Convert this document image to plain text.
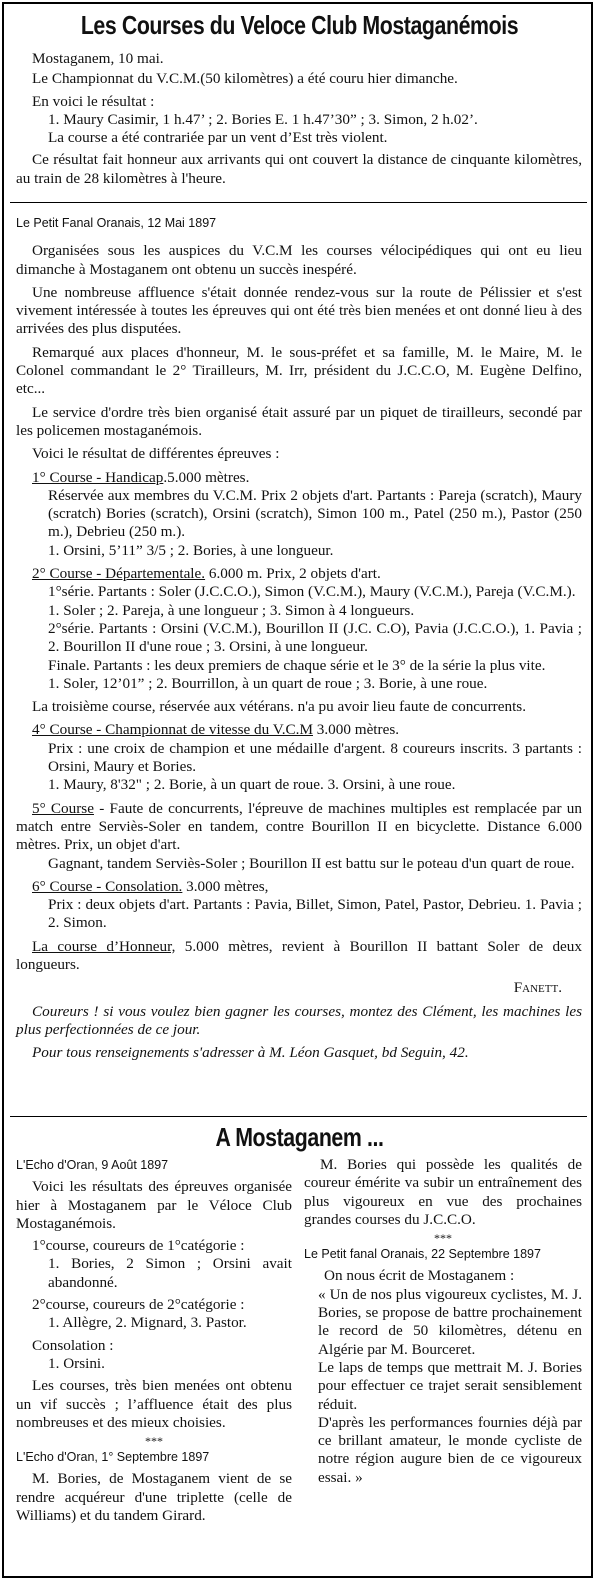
Les Courses du Veloce Club Mostaganémois

Mostaganem, 10 mai.

Le Championnat du V.C.M.(50 kilomètres) a été couru hier dimanche.

En voici le résultat :

1. Maury Casimir, 1 h.47’ ; 2. Bories E. 1 h.47’30” ; 3. Simon, 2 h.02’.

La course a été contrariée par un vent d’Est très violent.

Ce résultat fait honneur aux arrivants qui ont couvert la distance de cinquante kilomètres, au train de 28 kilomètres à l'heure.

Le Petit Fanal Oranais, 12 Mai 1897

Organisées sous les auspices du V.C.M les courses vélocipédiques qui ont eu lieu dimanche à Mostaganem ont obtenu un succès inespéré.

Une nombreuse affluence s'était donnée rendez-vous sur la route de Pélissier et s'est vivement intéressée à toutes les épreuves qui ont été très bien menées et ont donné lieu à des arrivées des plus disputées.

Remarqué aux places d'honneur, M. le sous-préfet et sa famille, M. le Maire, M. le Colonel commandant le 2° Tirailleurs, M. Irr, président du J.C.C.O, M. Eugène Delfino, etc...

Le service d'ordre très bien organisé était assuré par un piquet de tirailleurs, secondé par les policemen mostaganémois.

Voici le résultat de différentes épreuves :

1° Course - Handicap.5.000 mètres.

Réservée aux membres du V.C.M. Prix 2 objets d'art. Partants : Pareja (scratch), Maury (scratch) Bories (scratch), Orsini (scratch), Simon 100 m., Patel (250 m.), Pastor (250 m.), Debrieu (250 m.).

1. Orsini, 5’11” 3/5 ; 2. Bories, à une longueur.

2° Course - Départementale. 6.000 m. Prix, 2 objets d'art.

1°série. Partants : Soler (J.C.C.O.), Simon (V.C.M.), Maury (V.C.M.), Pareja (V.C.M.).

1. Soler ; 2. Pareja, à une longueur ; 3. Simon à 4 longueurs.

2°série. Partants : Orsini (V.C.M.), Bourillon II (J.C. C.O), Pavia (J.C.C.O.), 1. Pavia ; 2. Bourillon II d'une roue ; 3. Orsini, à une longueur.

Finale. Partants : les deux premiers de chaque série et le 3° de la série la plus vite.

1. Soler, 12’01” ; 2. Bourrillon, à un quart de roue ; 3. Borie, à une roue.

La troisième course, réservée aux vétérans. n'a pu avoir lieu faute de concurrents.

4° Course - Championnat de vitesse du V.C.M 3.000 mètres.

Prix : une croix de champion et une médaille d'argent. 8 coureurs inscrits. 3 partants : Orsini, Maury et Bories.

1. Maury, 8'32" ; 2. Borie, à un quart de roue. 3. Orsini, à une roue.

5° Course - Faute de concurrents, l'épreuve de machines multiples est remplacée par un match entre Serviès-Soler en tandem, contre Bourillon II en bicyclette. Distance 6.000 mètres. Prix, un objet d'art.

Gagnant, tandem Serviès-Soler ; Bourillon II est battu sur le poteau d'un quart de roue.

6° Course - Consolation. 3.000 mètres,

Prix : deux objets d'art. Partants : Pavia, Billet, Simon, Patel, Pastor, Debrieu. 1. Pavia ; 2. Simon.

La course d’Honneur, 5.000 mètres, revient à Bourillon II battant Soler de deux longueurs.

Fanett.

Coureurs ! si vous voulez bien gagner les courses, montez des Clément, les machines les plus perfectionnées de ce jour.

Pour tous renseignements s'adresser à M. Léon Gasquet, bd Seguin, 42.

A Mostaganem ...
L'Echo d'Oran, 9 Août 1897

Voici les résultats des épreuves organisée hier à Mostaganem par le Véloce Club Mostaganémois.

1°course, coureurs de 1°catégorie :

1. Bories, 2 Simon ; Orsini avait abandonné.

2°course, coureurs de 2°catégorie :

1. Allègre, 2. Mignard, 3. Pastor.

Consolation :

1. Orsini.

Les courses, très bien menées ont obtenu un vif succès ; l’affluence était des plus nombreuses et des mieux choisies.

***
L'Echo d'Oran, 1° Septembre 1897

M. Bories, de Mostaganem vient de se rendre acquéreur d'une triplette (celle de Williams) et du tandem Girard.

M. Bories qui possède les qualités de coureur émérite va subir un entraînement des plus vigoureux en vue des prochaines grandes courses du J.C.C.O.

***
Le Petit fanal Oranais, 22 Septembre 1897

On nous écrit de Mostaganem :

« Un de nos plus vigoureux cyclistes, M. J. Bories, se propose de battre prochainement le record de 50 kilomètres, détenu en Algérie par M. Bourceret.

Le laps de temps que mettrait M. J. Bories pour effectuer ce trajet serait sensiblement réduit.

D'après les performances fournies déjà par ce brillant amateur, le monde cycliste de notre région augure bien de ce vigoureux essai. »
